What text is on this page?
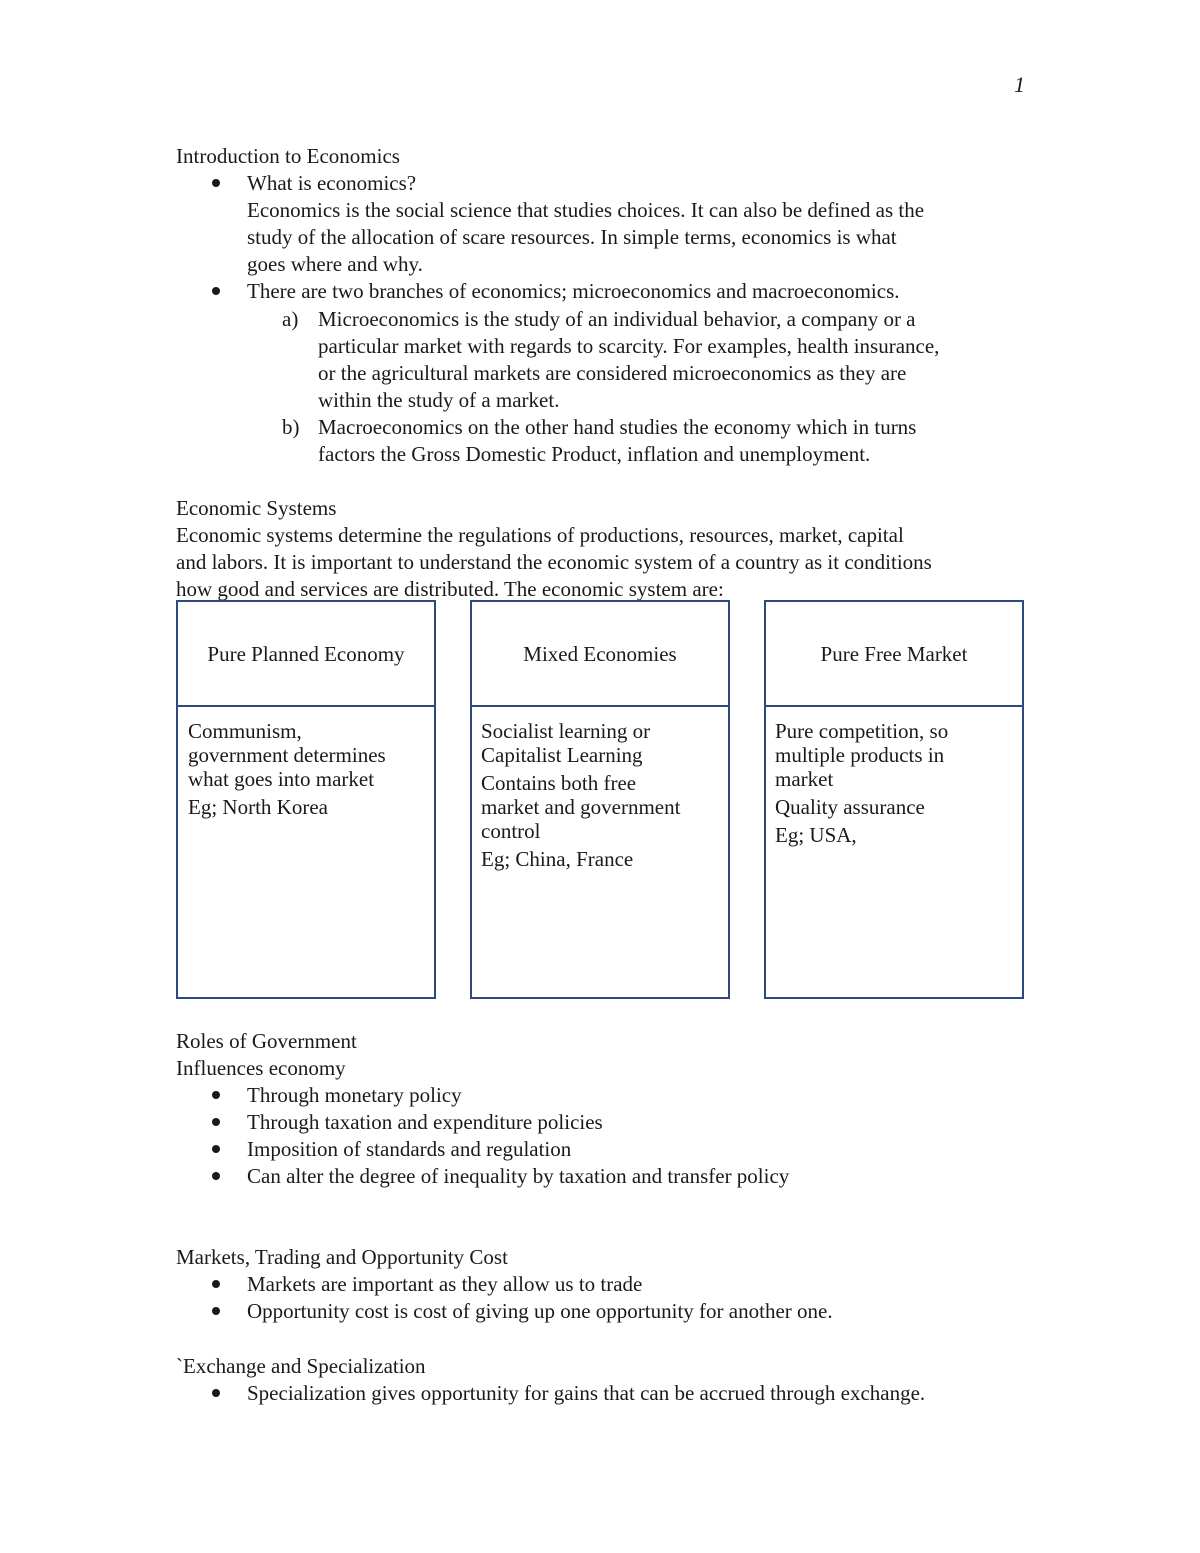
1
Introduction to Economics
What is economics?
Economics is the social science that studies choices. It can also be defined as the
study of the allocation of scare resources. In simple terms, economics is what
goes where and why.
There are two branches of economics; microeconomics and macroeconomics.
a) Microeconomics is the study of an individual behavior, a company or a
particular market with regards to scarcity. For examples, health insurance,
or the agricultural markets are considered microeconomics as they are
within the study of a market.
b) Macroeconomics on the other hand studies the economy which in turns
factors the Gross Domestic Product, inflation and unemployment.
Economic Systems
Economic systems determine the regulations of productions, resources, market, capital
and labors. It is important to understand the economic system of a country as it conditions
how good and services are distributed. The economic system are:
Pure Planned Economy
Communism,
government determines
what goes into market
Eg; North Korea
Mixed Economies
Socialist learning or
Capitalist Learning
Contains both free
market and government
control
Eg; China, France
Pure Free Market
Pure competition, so
multiple products in
market
Quality assurance
Eg; USA,
Roles of Government
Influences economy
Through monetary policy
Through taxation and expenditure policies
Imposition of standards and regulation
Can alter the degree of inequality by taxation and transfer policy
Markets, Trading and Opportunity Cost
Markets are important as they allow us to trade
Opportunity cost is cost of giving up one opportunity for another one.
`Exchange and Specialization
Specialization gives opportunity for gains that can be accrued through exchange.
